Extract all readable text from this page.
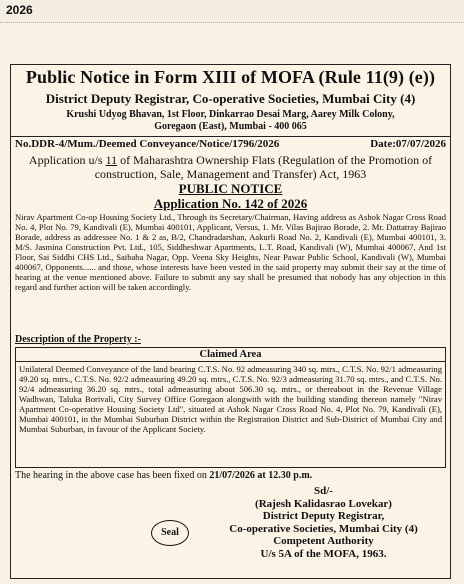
2026
Public Notice in Form XIII of MOFA (Rule 11(9) (e))
District Deputy Registrar, Co-operative Societies, Mumbai City (4)
Krushi Udyog Bhavan, 1st Floor, Dinkarrao Desai Marg, Aarey Milk Colony,
Goregaon (East), Mumbai - 400 065
No.DDR-4/Mum./Deemed Conveyance/Notice/1796/2026	Date:07/07/2026
Application u/s 11 of Maharashtra Ownership Flats (Regulation of the Promotion of construction, Sale, Management and Transfer) Act, 1963
PUBLIC NOTICE
Application No. 142 of 2026
Nirav Apartment Co-op Housing Society Ltd., Through its Secretary/Chairman, Having address as Ashok Nagar Cross Road No. 4, Plot No. 79, Kandivali (E), Mumbai 400101, Applicant, Versus, 1. Mr. Vilas Bajirao Borade, 2. Mr. Dattatray Bajirao Borade, address as addressee No. 1 & 2 as, B/2, Chandradarshan, Aakurli Road No. 2, Kandivali (E), Mumbai 400101, 3. M/S. Jasmina Construction Pvt. Ltd., 105, Siddheshwar Apartments, L.T. Road, Kandivali (W), Mumbai 400067, And 1st Floor, Sai Siddhi CHS Ltd., Saibaba Nagar, Opp. Veena Sky Heights, Near Pawar Public School, Kandivali (W), Mumbai 400067, Opponents...... and those, whose interests have been vested in the said property may submit their say at the time of hearing at the venue mentioned above. Failure to submit any say shall be presumed that nobody has any objection in this regard and further action will be taken accordingly.
Description of the Property :-
Claimed Area
Unilateral Deemed Conveyance of the land bearing C.T.S. No. 92 admeasuring 340 sq. mtrs., C.T.S. No. 92/1 admeasuring 49.20 sq. mtrs., C.T.S. No. 92/2 admeasuring 49.20 sq. mtrs., C.T.S. No. 92/3 admeasuring 31.70 sq. mtrs., and C.T.S. No. 92/4 admeasuring 36.20 sq. mtrs., total admeasuring about 506.30 sq. mtrs., or thereabout in the Revenue Village Wadhwan, Taluka Borivali, City Survey Office Goregaon alongwith with the building standing thereon namely "Nirav Apartment Co-operative Housing Society Ltd", situated at Ashok Nagar Cross Road No. 4, Plot No. 79, Kandivali (E), Mumbai 400101, in the Mumbai Suburban District within the Registration District and Sub-District of Mumbai City and Mumbai Suburban, in favour of the Applicant Society.
The hearing in the above case has been fixed on 21/07/2026 at 12.30 p.m.
Sd/-
(Rajesh Kalidasrao Lovekar)
District Deputy Registrar,
Co-operative Societies, Mumbai City (4)
Competent Authority
U/s 5A of the MOFA, 1963.
Seal
